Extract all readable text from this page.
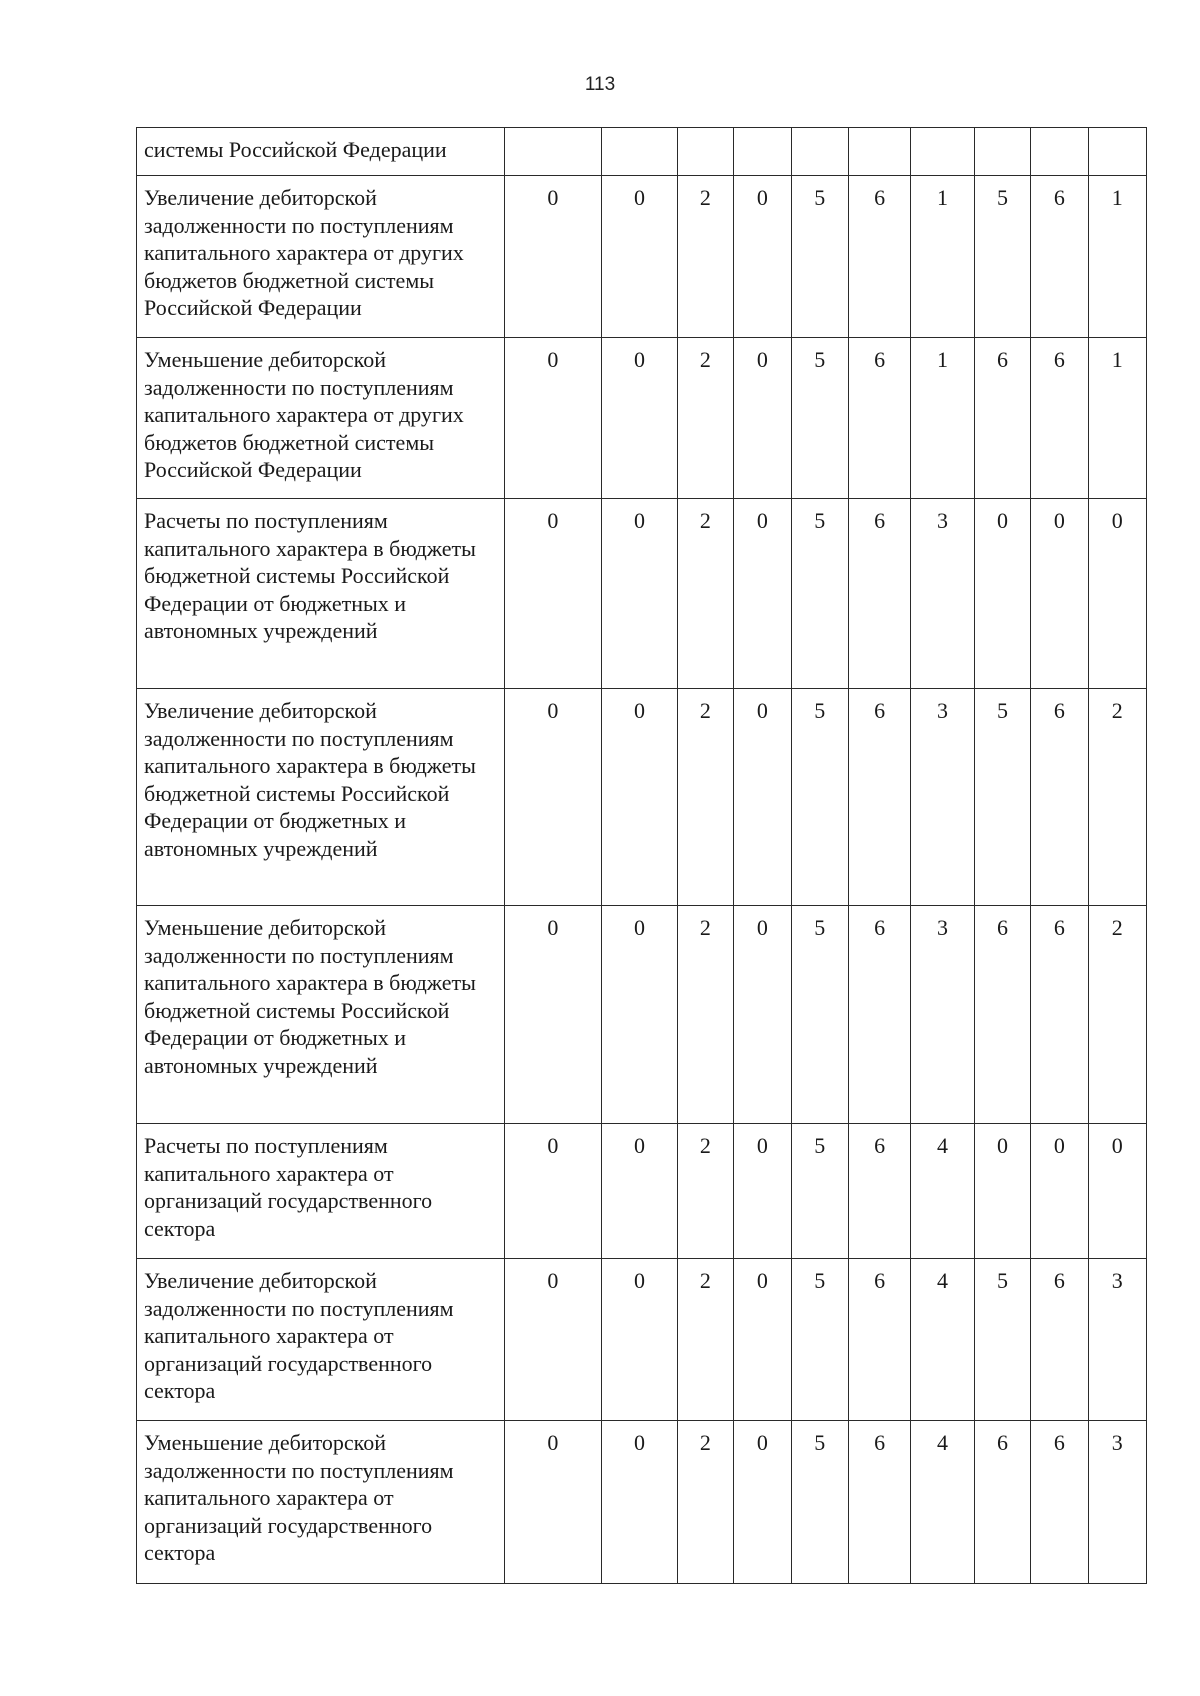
113
системы Российской Федерации										
Увеличение дебиторской задолженности по поступлениям капитального характера от других бюджетов бюджетной системы Российской Федерации	0	0	2	0	5	6	1	5	6	1
Уменьшение дебиторской задолженности по поступлениям капитального характера от других бюджетов бюджетной системы Российской Федерации	0	0	2	0	5	6	1	6	6	1
Расчеты по поступлениям капитального характера в бюджеты бюджетной системы Российской Федерации от бюджетных и автономных учреждений	0	0	2	0	5	6	3	0	0	0
Увеличение дебиторской задолженности по поступлениям капитального характера в бюджеты бюджетной системы Российской Федерации от бюджетных и автономных учреждений	0	0	2	0	5	6	3	5	6	2
Уменьшение дебиторской задолженности по поступлениям капитального характера в бюджеты бюджетной системы Российской Федерации от бюджетных и автономных учреждений	0	0	2	0	5	6	3	6	6	2
Расчеты по поступлениям капитального характера от организаций государственного сектора	0	0	2	0	5	6	4	0	0	0
Увеличение дебиторской задолженности по поступлениям капитального характера от организаций государственного сектора	0	0	2	0	5	6	4	5	6	3
Уменьшение дебиторской задолженности по поступлениям капитального характера от организаций государственного сектора	0	0	2	0	5	6	4	6	6	3
